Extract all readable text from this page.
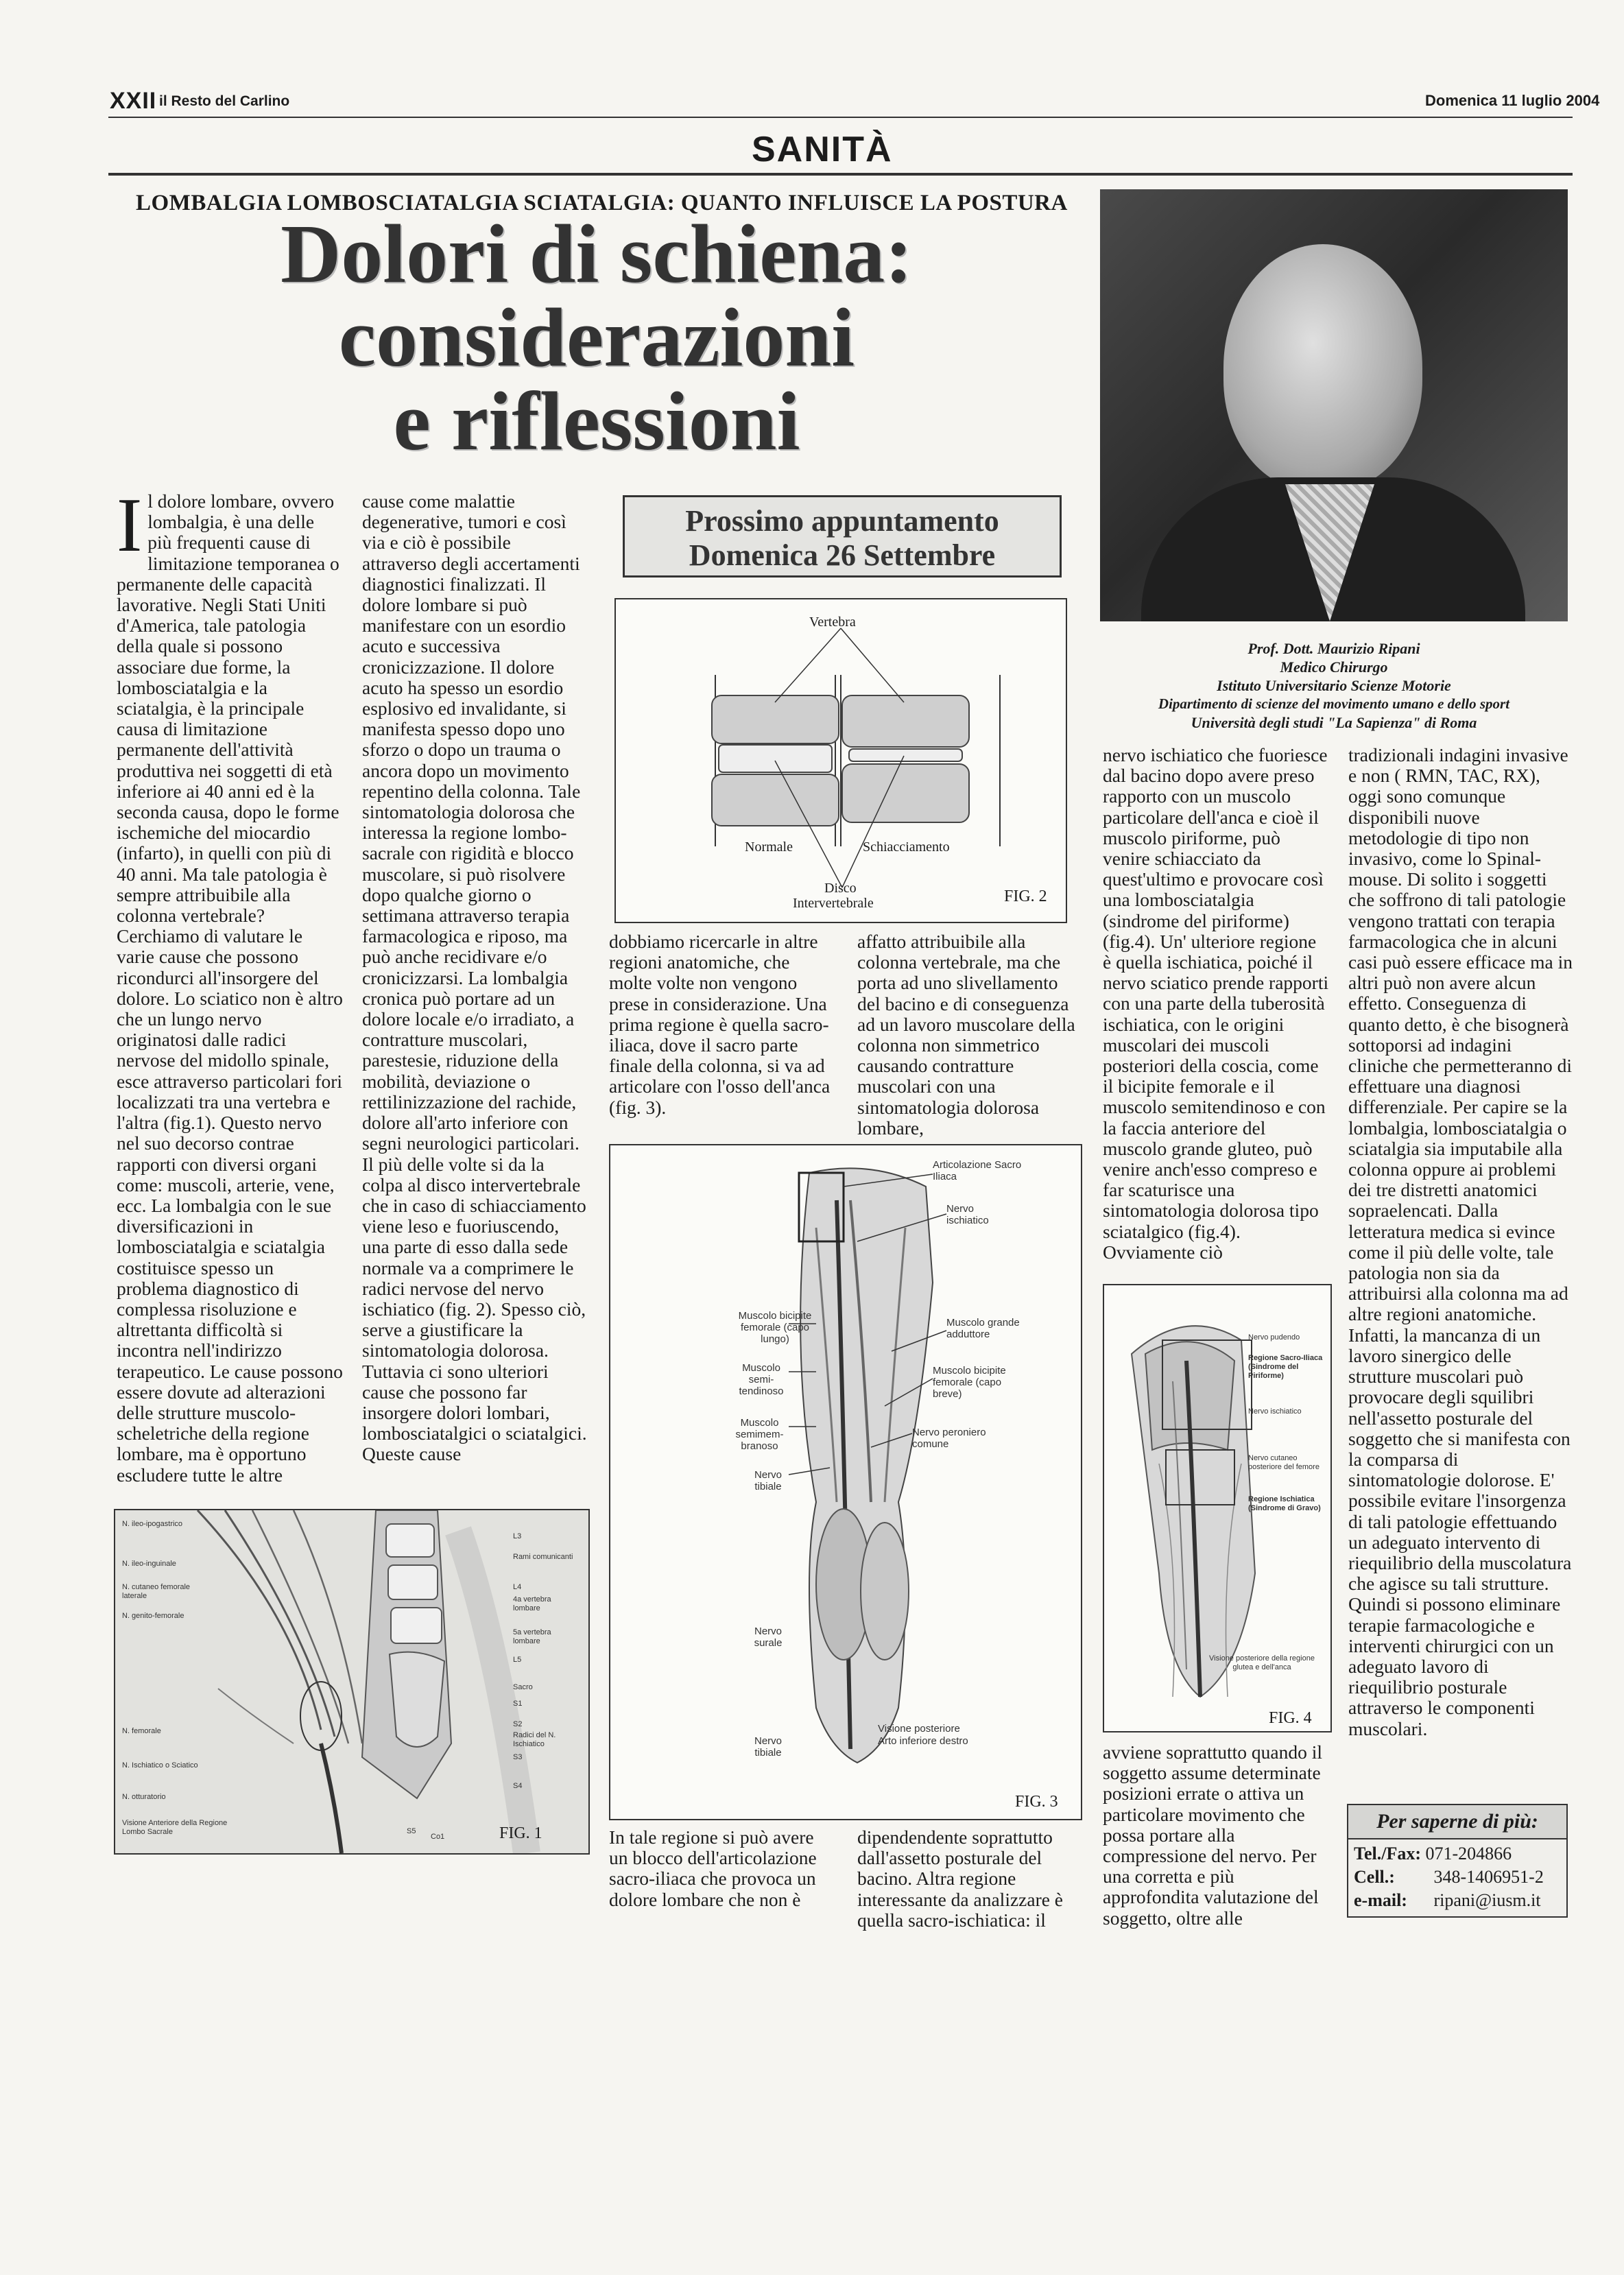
XXII il Resto del Carlino	Domenica 11 luglio 2004
SANITÀ
LOMBALGIA LOMBOSCIATALGIA SCIATALGIA: QUANTO INFLUISCE LA POSTURA
Dolori di schiena:
considerazioni
e riflessioni
Prof. Dott. Maurizio Ripani
Medico Chirurgo
Istituto Universitario Scienze Motorie
Dipartimento di scienze del movimento umano e dello sport
Università degli studi "La Sapienza" di Roma
Prossimo appuntamento
Domenica 26 Settembre
Il dolore lombare, ovvero lombalgia, è una delle più frequenti cause di limitazione temporanea o permanente delle capacità lavorative. Negli Stati Uniti d'America, tale patologia della quale si possono associare due forme, la lombosciatalgia e la sciatalgia, è la principale causa di limitazione permanente dell'attività produttiva nei soggetti di età inferiore ai 40 anni ed è la seconda causa, dopo le forme ischemiche del miocardio (infarto), in quelli con più di 40 anni. Ma tale patologia è sempre attribuibile alla colonna vertebrale? Cerchiamo di valutare le varie cause che possono ricondurci all'insorgere del dolore. Lo sciatico non è altro che un lungo nervo originatosi dalle radici nervose del midollo spinale, esce attraverso particolari fori localizzati tra una vertebra e l'altra (fig.1). Questo nervo nel suo decorso contrae rapporti con diversi organi come: muscoli, arterie, vene, ecc. La lombalgia con le sue diversificazioni in lombosciatalgia e sciatalgia costituisce spesso un problema diagnostico di complessa risoluzione e altrettanta difficoltà si incontra nell'indirizzo terapeutico. Le cause possono essere dovute ad alterazioni delle strutture muscolo-scheletriche della regione lombare, ma è opportuno escludere tutte le altre
cause come malattie degenerative, tumori e così via e ciò è possibile attraverso degli accertamenti diagnostici finalizzati. Il dolore lombare si può manifestare con un esordio acuto e successiva cronicizzazione. Il dolore acuto ha spesso un esordio esplosivo ed invalidante, si manifesta spesso dopo uno sforzo o dopo un trauma o ancora dopo un movimento repentino della colonna. Tale sintomatologia dolorosa che interessa la regione lombo-sacrale con rigidità e blocco muscolare, si può risolvere dopo qualche giorno o settimana attraverso terapia farmacologica e riposo, ma può anche recidivare e/o cronicizzarsi. La lombalgia cronica può portare ad un dolore locale e/o irradiato, a contratture muscolari, parestesie, riduzione della mobilità, deviazione o rettilinizzazione del rachide, dolore all'arto inferiore con segni neurologici particolari. Il più delle volte si da la colpa al disco intervertebrale che in caso di schiacciamento viene leso e fuoriuscendo, una parte di esso dalla sede normale va a comprimere le radici nervose del nervo ischiatico (fig. 2). Spesso ciò, serve a giustificare la sintomatologia dolorosa. Tuttavia ci sono ulteriori cause che possono far insorgere dolori lombari, lombosciatalgici o sciatalgici. Queste cause
Vertebra
Normale	Schiacciamento
Disco
Intervertebrale	FIG. 2
dobbiamo ricercarle in altre regioni anatomiche, che molte volte non vengono prese in considerazione. Una prima regione è quella sacro-iliaca, dove il sacro parte finale della colonna, si va ad articolare con l'osso dell'anca (fig. 3).
affatto attribuibile alla colonna vertebrale, ma che porta ad uno slivellamento del bacino e di conseguenza ad un lavoro muscolare della colonna non simmetrico causando contratture muscolari con una sintomatologia dolorosa lombare,
Articolazione Sacro Iliaca
Nervo ischiatico
Muscolo grande adduttore
Muscolo bicipite femorale (capo breve)
Nervo peroniero comune
Muscolo bicipite femorale (capo lungo)
Muscolo semi-tendinoso
Muscolo semimem-branoso
Nervo tibiale
Nervo surale
Nervo tibiale
Visione posteriore
Arto inferiore destro
FIG. 3
In tale regione si può avere un blocco dell'articolazione sacro-iliaca che provoca un dolore lombare che non è
dipendendente soprattutto dall'assetto posturale del bacino. Altra regione interessante da analizzare è quella sacro-ischiatica: il
N. ileo-ipogastrico
N. ileo-inguinale
N. cutaneo femorale laterale
N. genito-femorale
N. femorale
N. Ischiatico o Sciatico
N. otturatorio
L3
Rami comunicanti
L4
4a vertebra lombare
5a vertebra lombare
L5
Sacro
S1
S2
Radici del N. Ischiatico
S3
S4
S5
Co1
Visione Anteriore della Regione Lombo Sacrale	FIG. 1
nervo ischiatico che fuoriesce dal bacino dopo avere preso rapporto con un muscolo particolare dell'anca e cioè il muscolo piriforme, può venire schiacciato da quest'ultimo e provocare così una lombosciatalgia (sindrome del piriforme) (fig.4). Un' ulteriore regione è quella ischiatica, poiché il nervo sciatico prende rapporti con una parte della tuberosità ischiatica, con le origini muscolari dei muscoli posteriori della coscia, come il bicipite femorale e il muscolo semitendinoso e con la faccia anteriore del muscolo grande gluteo, può venire anch'esso compreso e far scaturisce una sintomatologia dolorosa tipo sciatalgico (fig.4). Ovviamente ciò
Nervo pudendo
Regione Sacro-Iliaca (Sindrome del Piriforme)
Nervo ischiatico
Nervo cutaneo posteriore del femore
Regione Ischiatica (Sindrome di Gravo)
Visione posteriore della regione glutea e dell'anca
FIG. 4
avviene soprattutto quando il soggetto assume determinate posizioni errate o attiva un particolare movimento che possa portare alla compressione del nervo. Per una corretta e più approfondita valutazione del soggetto, oltre alle
tradizionali indagini invasive e non ( RMN, TAC, RX), oggi sono comunque disponibili nuove metodologie di tipo non invasivo, come lo Spinal-mouse. Di solito i soggetti che soffrono di tali patologie vengono trattati con terapia farmacologica che in alcuni casi può essere efficace ma in altri può non avere alcun effetto. Conseguenza di quanto detto, è che bisognerà sottoporsi ad indagini cliniche che permetteranno di effettuare una diagnosi differenziale. Per capire se la lombalgia, lombosciatalgia o sciatalgia sia imputabile alla colonna oppure ai problemi dei tre distretti anatomici sopraelencati. Dalla letteratura medica si evince come il più delle volte, tale patologia non sia da attribuirsi alla colonna ma ad altre regioni anatomiche. Infatti, la mancanza di un lavoro sinergico delle strutture muscolari può provocare degli squilibri nell'assetto posturale del soggetto che si manifesta con la comparsa di sintomatologie dolorose. E' possibile evitare l'insorgenza di tali patologie effettuando un adeguato intervento di riequilibrio della muscolatura che agisce su tali strutture. Quindi si possono eliminare terapie farmacologiche e interventi chirurgici con un adeguato lavoro di riequilibrio posturale attraverso le componenti muscolari.
Per saperne di più:
Tel./Fax: 071-204866
Cell.: 348-1406951-2
e-mail: ripani@iusm.it
